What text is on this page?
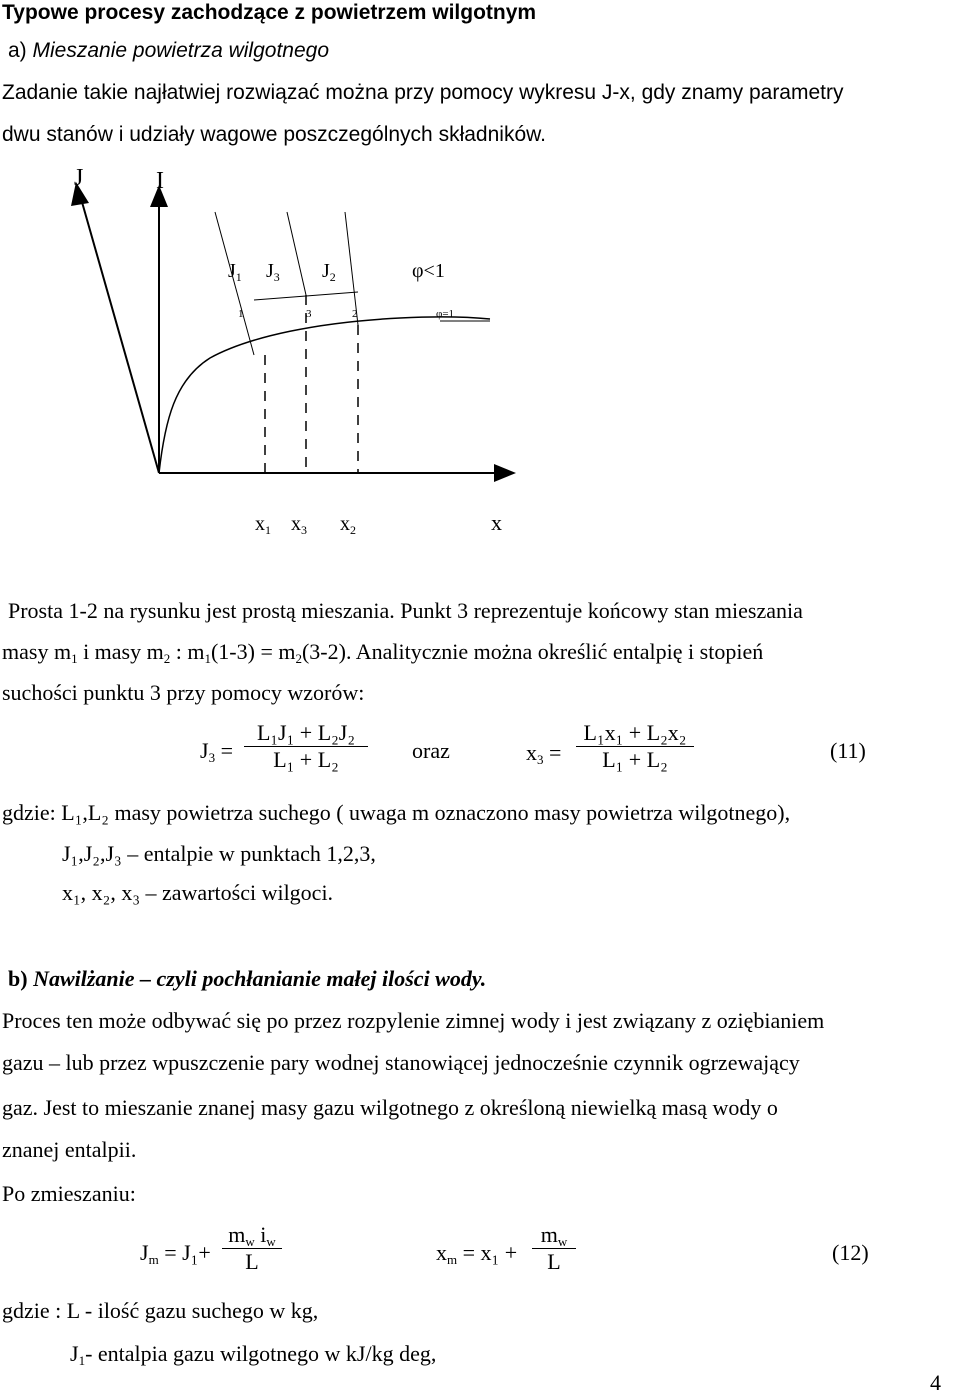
Typowe procesy zachodzące z powietrzem wilgotnym
a) Mieszanie powietrza wilgotnego
Zadanie takie najłatwiej rozwiązać można przy pomocy wykresu J-x, gdy znamy parametry
dwu stanów i udziały wagowe poszczególnych składników.
J	I
x
$J_1$ $J_3$ $J_2$	φ<1
1	3	2	φ=1
$x_1$ $x_3$ $x_2$
Prosta 1-2 na rysunku jest prostą mieszania. Punkt 3 reprezentuje końcowy stan mieszania
masy $m_1$ i masy $m_2$ : $m_1(1-3) = m_2(3-2)$. Analitycznie można określić entalpię i stopień
suchości punktu 3 przy pomocy wzorów:
$J_3$ =
L₁J₁ + L₂J₂
L₁ + L₂	oraz	$x_3$ =
L₁x₁ + L₂x₂
L₁ + L₂	(11)
gdzie: L₁,L₂ masy powietrza suchego ( uwaga m oznaczono masy powietrza wilgotnego),
J₁,J₂,J₃ – entalpie w punktach 1,2,3,
x₁, x₂, x₃ – zawartości wilgoci.
b) Nawilżanie – czyli pochłanianie małej ilości wody.
Proces ten może odbywać się po przez rozpylenie zimnej wody i jest związany z oziębianiem
gazu – lub przez wpuszczenie pary wodnej stanowiącej jednocześnie czynnik ogrzewający
gaz. Jest to mieszanie znanej masy gazu wilgotnego z określoną niewielką masą wody o
znanej entalpii.
Po zmieszaniu:
$J_m = J_1+$
$m_w$ $i_w$
L	$x_m = x_1$ +
$m_w$
L	(12)
gdzie : L - ilość gazu suchego w kg,
$J_1-$ entalpia gazu wilgotnego w kJ/kg deg,
4
